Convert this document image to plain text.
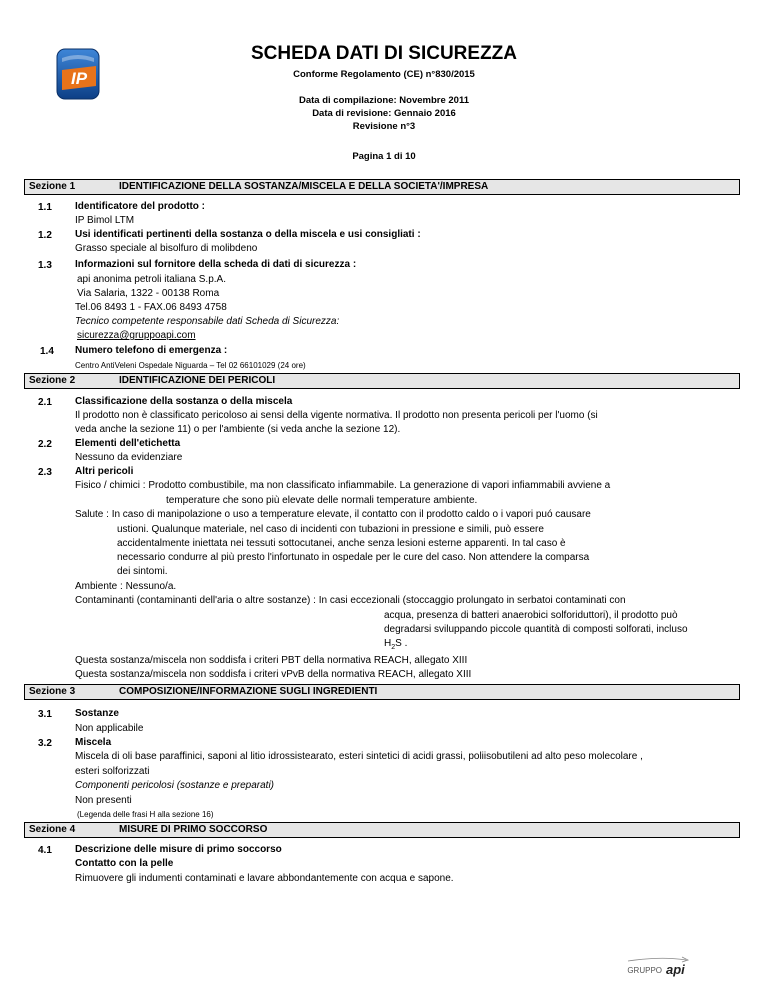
IP
SCHEDA DATI DI SICUREZZA
Conforme Regolamento (CE) n°830/2015
Data di compilazione: Novembre 2011
Data di revisione: Gennaio 2016
Revisione n°3
Pagina 1 di 10
Sezione 1	IDENTIFICAZIONE DELLA SOSTANZA/MISCELA E DELLA SOCIETA'/IMPRESA
1.1 Identificatore del prodotto :
IP Bimol LTM
1.2 Usi identificati pertinenti della sostanza o della miscela e usi consigliati :
Grasso speciale al bisolfuro di molibdeno
1.3 Informazioni sul fornitore della scheda di dati di sicurezza :
api anonima petroli italiana S.p.A.
Via Salaria, 1322 - 00138 Roma
Tel.06 8493 1 - FAX.06 8493 4758
Tecnico competente responsabile dati Scheda di Sicurezza:
sicurezza@gruppoapi.com
1.4 Numero telefono di emergenza :
Centro AntiVeleni Ospedale Niguarda – Tel 02 66101029 (24 ore)
Sezione 2	IDENTIFICAZIONE DEI PERICOLI
2.1 Classificazione della sostanza o della miscela
Il prodotto non è classificato pericoloso ai sensi della vigente normativa. Il prodotto non presenta pericoli per l'uomo (si
veda anche la sezione 11) o per l'ambiente (si veda anche la sezione 12).
2.2 Elementi dell'etichetta
Nessuno da evidenziare
2.3 Altri pericoli
Fisico / chimici : Prodotto combustibile, ma non classificato infiammabile. La generazione di vapori infiammabili avviene a
temperature che sono più elevate delle normali temperature ambiente.
Salute : In caso di manipolazione o uso a temperature elevate, il contatto con il prodotto caldo o i vapori puó causare
ustioni. Qualunque materiale, nel caso di incidenti con tubazioni in pressione e simili, può essere
accidentalmente iniettata nei tessuti sottocutanei, anche senza lesioni esterne apparenti. In tal caso è
necessario condurre al più presto l'infortunato in ospedale per le cure del caso. Non attendere la comparsa
dei sintomi.
Ambiente : Nessuno/a.
Contaminanti (contaminanti dell'aria o altre sostanze) : In casi eccezionali (stoccaggio prolungato in serbatoi contaminati con
acqua, presenza di batteri anaerobici solforiduttori), il prodotto può
degradarsi sviluppando piccole quantità di composti solforati, incluso
$H_2S$ .
Questa sostanza/miscela non soddisfa i criteri PBT della normativa REACH, allegato XIII
Questa sostanza/miscela non soddisfa i criteri vPvB della normativa REACH, allegato XIII
Sezione 3	COMPOSIZIONE/INFORMAZIONE SUGLI INGREDIENTI
3.1 Sostanze
Non applicabile
3.2 Miscela
Miscela di oli base paraffinici, saponi al litio idrossistearato, esteri sintetici di acidi grassi, poliisobutileni ad alto peso molecolare ,
esteri solforizzati
Componenti pericolosi (sostanze e preparati)
Non presenti
(Legenda delle frasi H alla sezione 16)
Sezione 4	MISURE DI PRIMO SOCCORSO
4.1 Descrizione delle misure di primo soccorso
Contatto con la pelle
Rimuovere gli indumenti contaminati e lavare abbondantemente con acqua e sapone.
GRUPPO api
